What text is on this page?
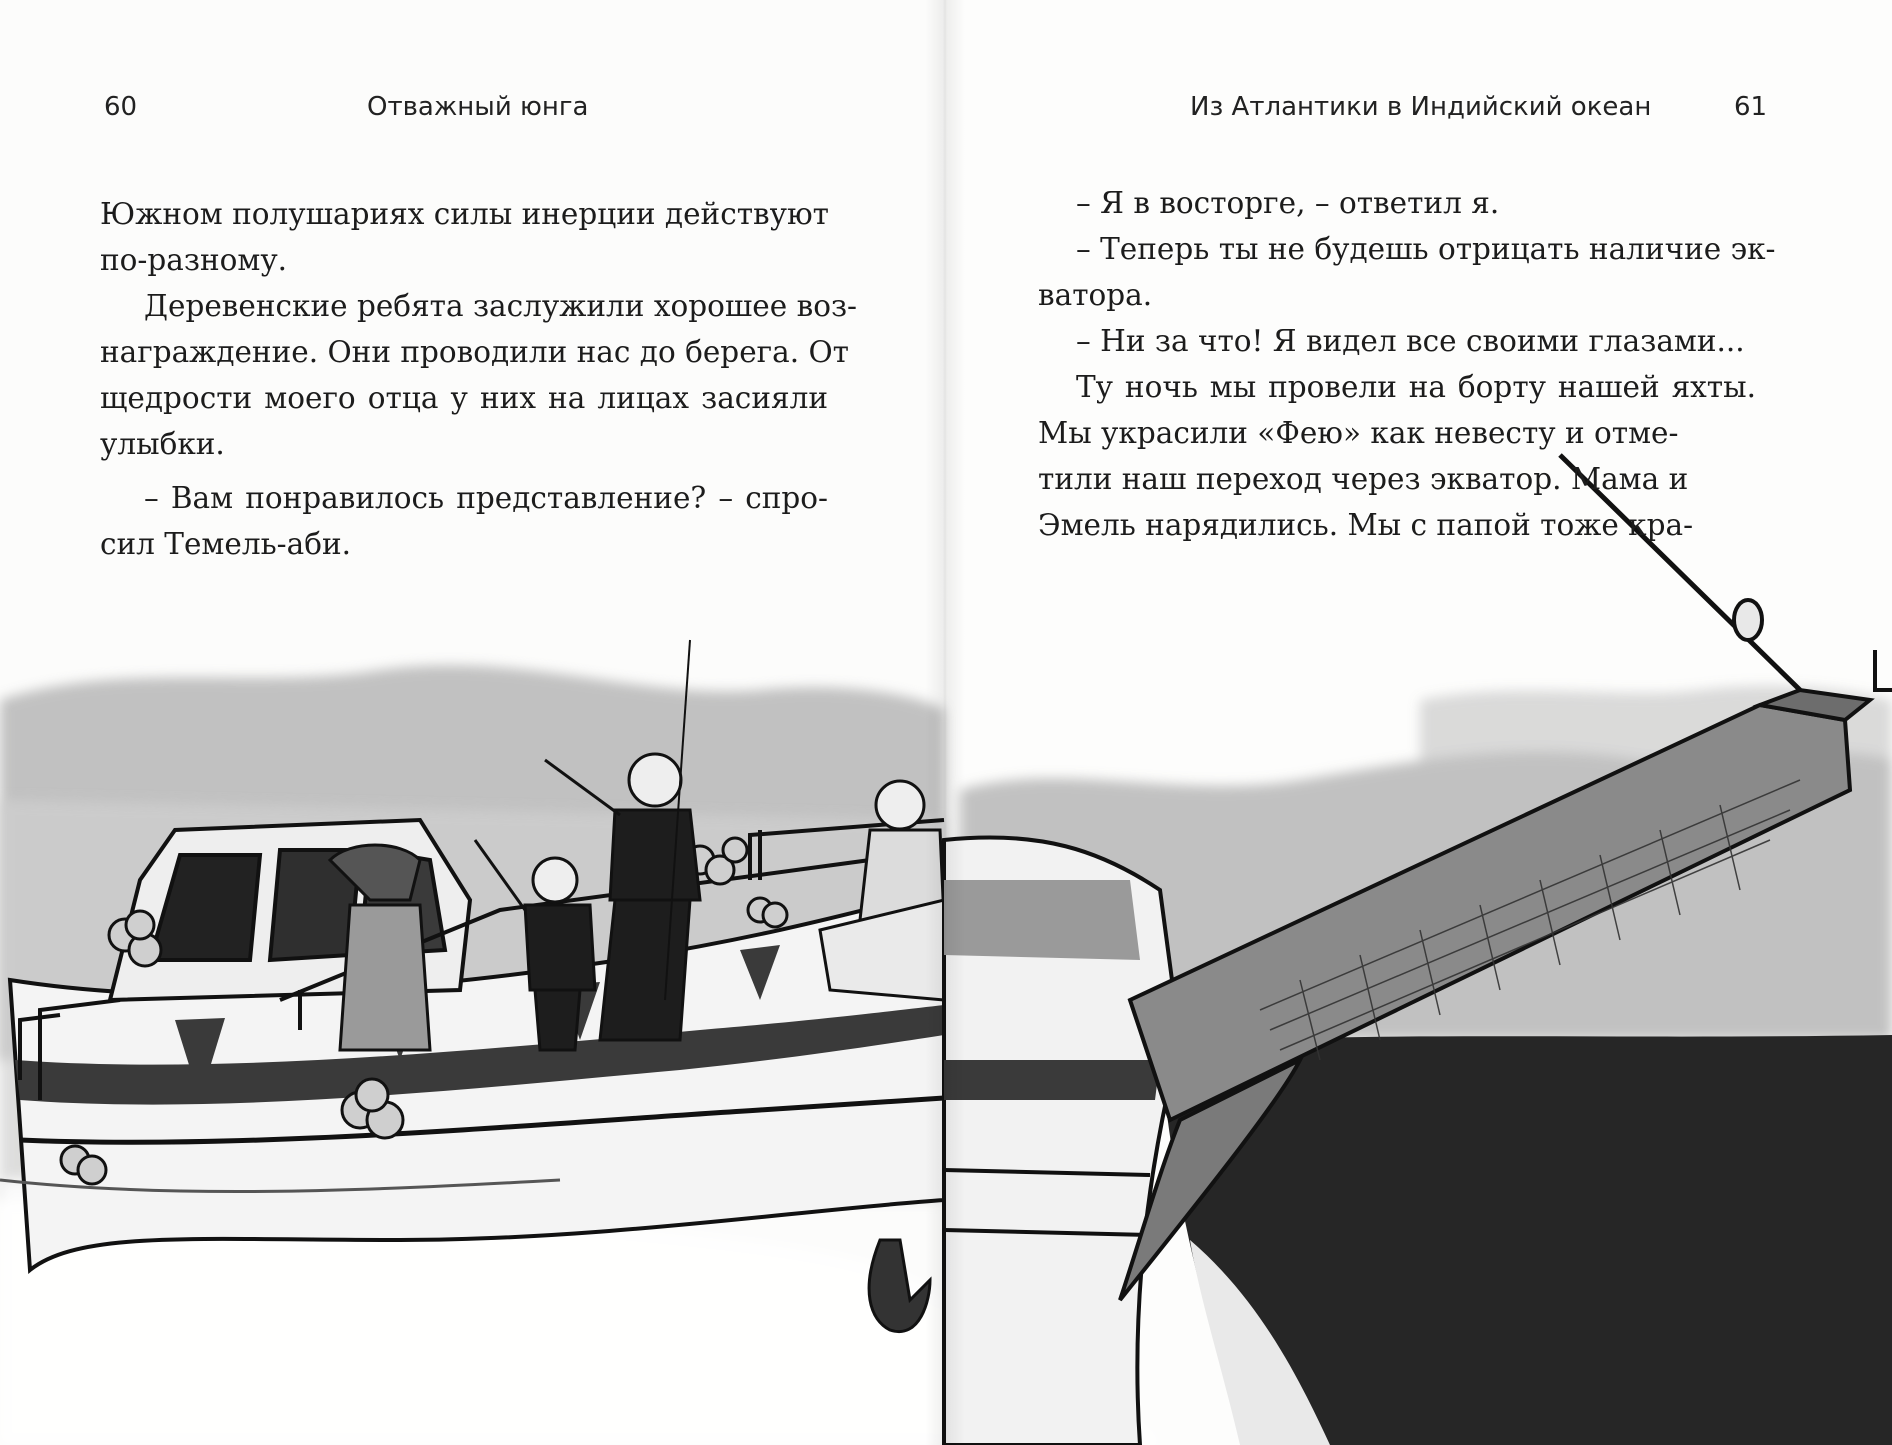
60	Отважный юнга	Из Атлантики в Индийский океан	61
Южном полушариях силы инерции действуют
по-разному.
Деревенские ребята заслужили хорошее воз-
награждение. Они проводили нас до берега. От
щедрости моего отца у них на лицах засияли
улыбки.
– Вам понравилось представление? – спро-
сил Темель-аби.
– Я в восторге, – ответил я.
– Теперь ты не будешь отрицать наличие эк-
ватора.
– Ни за что! Я видел все своими глазами...
Ту ночь мы провели на борту нашей яхты.
Мы украсили «Фею» как невесту и отме-
тили наш переход через экватор. Мама и
Эмель нарядились. Мы с папой тоже кра-
